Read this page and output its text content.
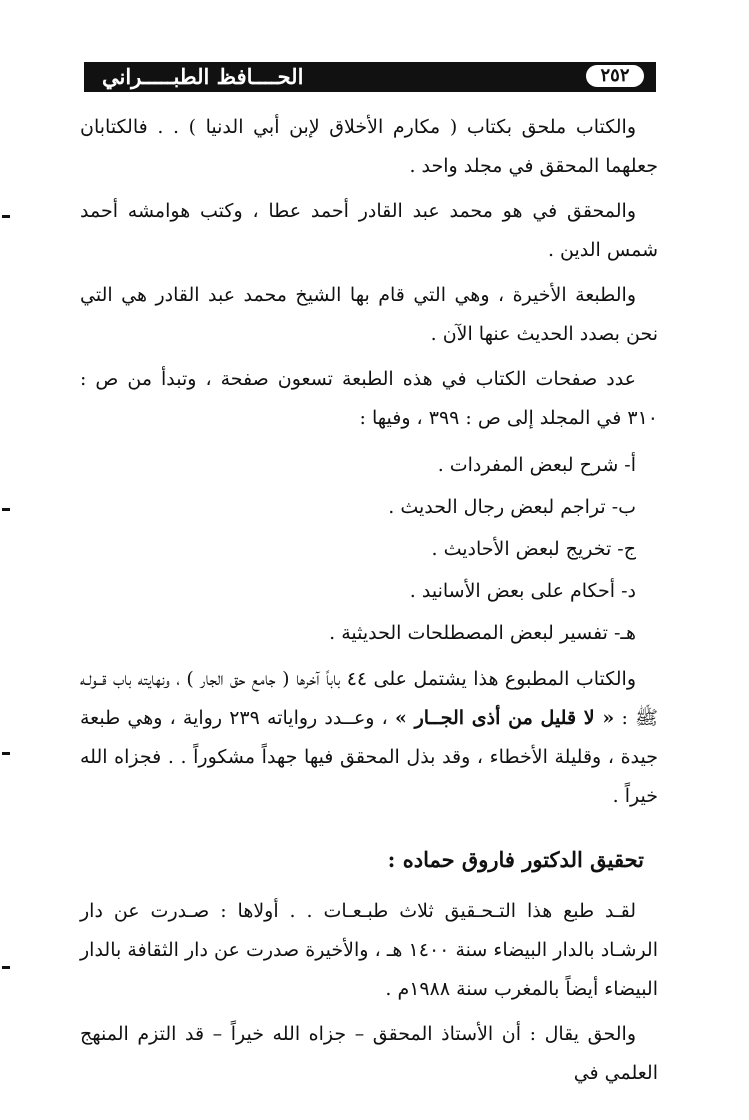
٢٥٢
الحــــافظ الطبـــــراني

والكتاب ملحق بكتاب ( مكارم الأخلاق لإبن أبي الدنيا ) . . فالكتابان جعلهما المحقق في مجلد واحد .

والمحقق في هو محمد عبد القادر أحمد عطا ، وكتب هوامشه أحمد شمس الدين .

والطبعة الأخيرة ، وهي التي قام بها الشيخ محمد عبد القادر هي التي نحن بصدد الحديث عنها الآن .

عدد صفحات الكتاب في هذه الطبعة تسعون صفحة ، وتبدأ من ص : ٣١٠ في المجلد إلى ص : ٣٩٩ ، وفيها :

أ- شرح لبعض المفردات .
ب- تراجم لبعض رجال الحديث .
ج- تخريج لبعض الأحاديث .
د- أحكام على بعض الأسانيد .
هـ- تفسير لبعض المصطلحات الحديثية .

والكتاب المطبوع هذا يشتمل على ٤٤ باباً آخرها ( جامع حق الجار ) ، ونهايته باب قــولـه ﷺ : « لا قليل من أذى الجــار » ، وعــدد رواياته ٢٣٩ رواية ، وهي طبعة جيدة ، وقليلة الأخطاء ، وقد بذل المحقق فيها جهداً مشكوراً . . فجزاه الله خيراً .

تحقيق الدكتور فاروق حماده :

لقـد طبع هذا التـحـقيق ثلاث طبـعـات . . أولاها : صـدرت عن دار الرشـاد بالدار البيضاء سنة ١٤٠٠ هـ ، والأخيرة صدرت عن دار الثقافة بالدار البيضاء أيضاً بالمغرب سنة ١٩٨٨م .

والحق يقال : أن الأستاذ المحقق – جزاه الله خيراً – قد التزم المنهج العلمي في
